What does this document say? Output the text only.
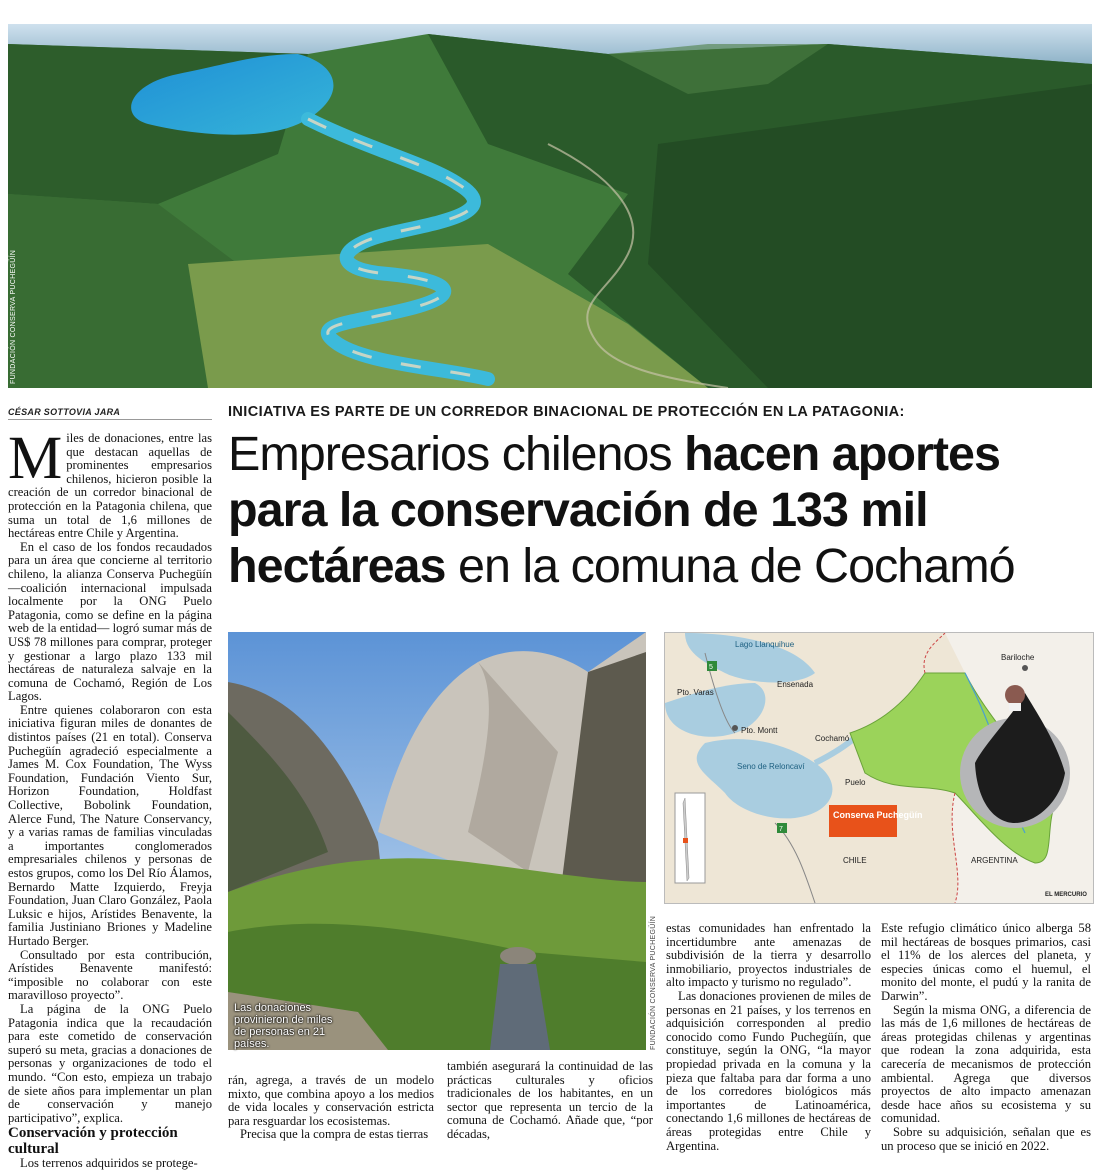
FUNDACIÓN CONSERVA PUCHEGÜÍN
CÉSAR SOTTOVIA JARA	INICIATIVA ES PARTE DE UN CORREDOR BINACIONAL DE PROTECCIÓN EN LA PATAGONIA:
Empresarios chilenos hacen aportes
para la conservación de 133 mil
hectáreas en la comuna de Cochamó
M iles de donaciones, entre las que destacan aquellas de prominentes empresarios chilenos, hicieron posible la creación de un corredor binacional de protección en la Patagonia chilena, que suma un total de 1,6 millones de hectáreas entre Chile y Argentina.

En el caso de los fondos recaudados para un área que concierne al territorio chileno, la alianza Conserva Puchegüín —coalición internacional impulsada localmente por la ONG Puelo Patagonia, como se define en la página web de la entidad— logró sumar más de US$ 78 millones para comprar, proteger y gestionar a largo plazo 133 mil hectáreas de naturaleza salvaje en la comuna de Cochamó, Región de Los Lagos.

Entre quienes colaboraron con esta iniciativa figuran miles de donantes de distintos países (21 en total). Conserva Puchegüín agradeció especialmente a James M. Cox Foundation, The Wyss Foundation, Fundación Viento Sur, Horizon Foundation, Holdfast Collective, Bobolink Foundation, Alerce Fund, The Nature Conservancy, y a varias ramas de familias vinculadas a importantes conglomerados empresariales chilenos y personas de estos grupos, como los Del Río Álamos, Bernardo Matte Izquierdo, Freyja Foundation, Juan Claro González, Paola Luksic e hijos, Arístides Benavente, la familia Justiniano Briones y Madeline Hurtado Berger.

Consultado por esta contribución, Arístides Benavente manifestó: “imposible no colaborar con este maravilloso proyecto”.

La página de la ONG Puelo Patagonia indica que la recaudación para este cometido de conservación superó su meta, gracias a donaciones de personas y organizaciones de todo el mundo. “Con esto, empieza un trabajo de siete años para implementar un plan de conservación y manejo participativo”, explica.

Conservación y protección cultural

Los terrenos adquiridos se protege-

FUNDACIÓN CONSERVA PUCHEGÜÍN
Las donaciones provinieron de miles de personas en 21 países.
5
7
Lago Llanquihue
Ensenada
Pto. Varas
Pto. Montt
Seno de Reloncaví
Cochamó
Puelo
Bariloche
CHILE	ARGENTINA
Conserva Puchegüín
EL MERCURIO

rán, agrega, a través de un modelo mixto, que combina apoyo a los medios de vida locales y conservación estricta para resguardar los ecosistemas.

Precisa que la compra de estas tierras

también asegurará la continuidad de las prácticas culturales y oficios tradicionales de los habitantes, en un sector que representa un tercio de la comuna de Cochamó. Añade que, “por décadas,

estas comunidades han enfrentado la incertidumbre ante amenazas de subdivisión de la tierra y desarrollo inmobiliario, proyectos industriales de alto impacto y turismo no regulado”.

Las donaciones provienen de miles de personas en 21 países, y los terrenos en adquisición corresponden al predio conocido como Fundo Puchegüín, que constituye, según la ONG, “la mayor propiedad privada en la comuna y la pieza que faltaba para dar forma a uno de los corredores biológicos más importantes de Latinoamérica, conectando 1,6 millones de hectáreas de áreas protegidas entre Chile y Argentina.

Este refugio climático único alberga 58 mil hectáreas de bosques primarios, casi el 11% de los alerces del planeta, y especies únicas como el huemul, el monito del monte, el pudú y la ranita de Darwin”.

Según la misma ONG, a diferencia de las más de 1,6 millones de hectáreas de áreas protegidas chilenas y argentinas que rodean la zona adquirida, esta carecería de mecanismos de protección ambiental. Agrega que diversos proyectos de alto impacto amenazan desde hace años su ecosistema y su comunidad.

Sobre su adquisición, señalan que es un proceso que se inició en 2022.
